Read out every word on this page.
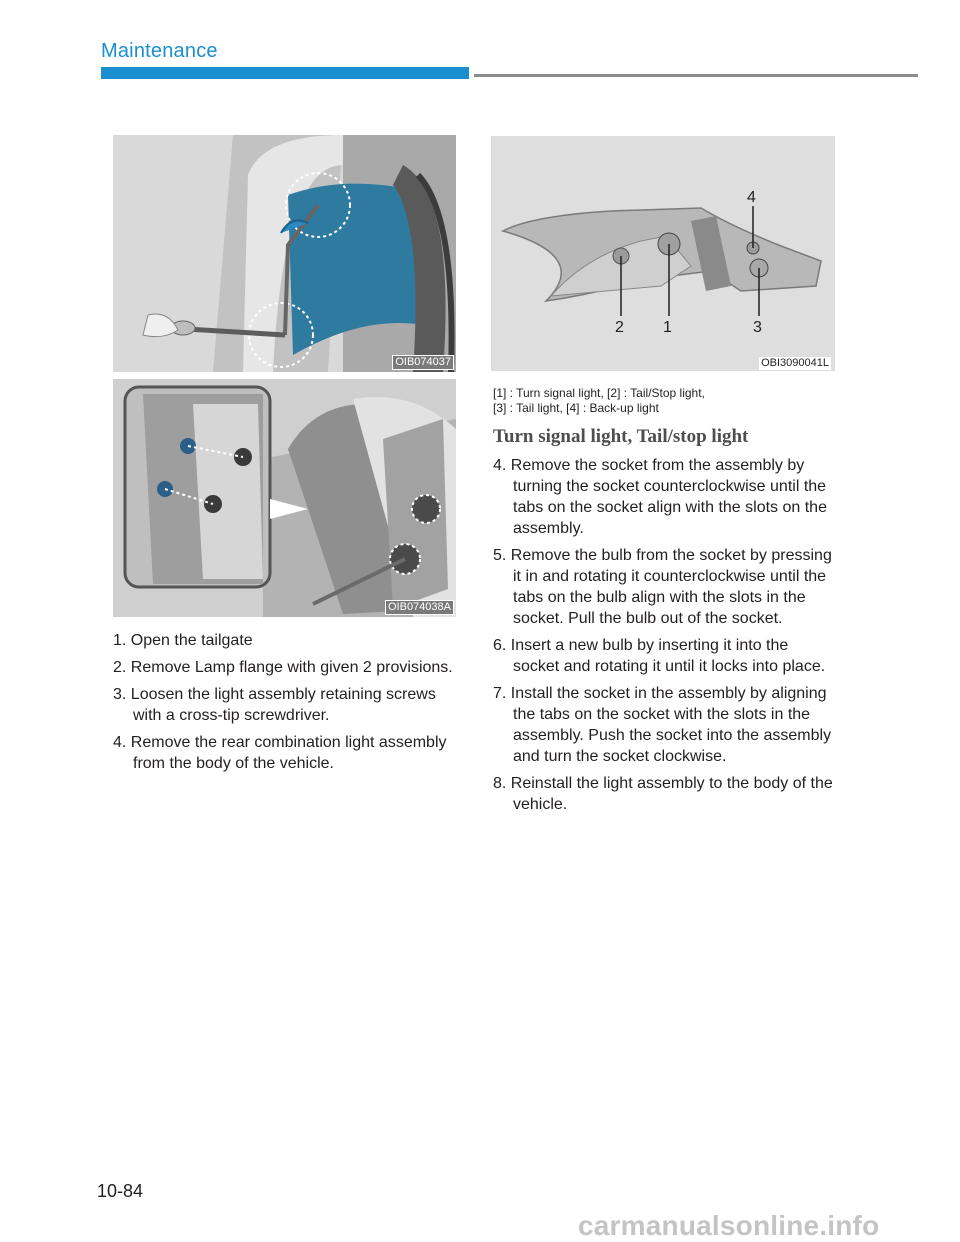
Maintenance
OIB074037
OIB074038A
1. Open the tailgate
2. Remove Lamp flange with given 2 provisions.
3. Loosen the light assembly retaining screws with a cross-tip screwdriver.
4. Remove the rear combination light assembly from the body of the vehicle.
4
2 1	3
OBI3090041L
[1] : Turn signal light, [2] : Tail/Stop light,
[3] : Tail light, [4] : Back-up light
Turn signal light, Tail/stop light
4. Remove the socket from the assembly by turning the socket counterclockwise until the tabs on the socket align with the slots on the assembly.
5. Remove the bulb from the socket by pressing it in and rotating it counterclockwise until the tabs on the bulb align with the slots in the socket. Pull the bulb out of the socket.
6. Insert a new bulb by inserting it into the socket and rotating it until it locks into place.
7. Install the socket in the assembly by aligning the tabs on the socket with the slots in the assembly. Push the socket into the assembly and turn the socket clockwise.
8. Reinstall the light assembly to the body of the vehicle.
10-84
carmanualsonline.info
